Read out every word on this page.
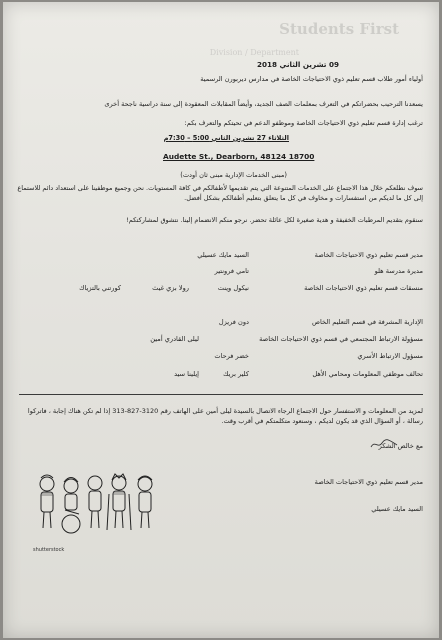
Students First
Division / Department
09 تشرين الثاني 2018
أولياء أمور طلاب قسم تعليم ذوي الاحتياجات الخاصة في مدارس ديربورن الرسمية
يسعدنا الترحيب بحضراتكم في التعرف بمعلمات الصف الجديد، وأيضاً المقابلات المعقودة إلى سنة دراسية ناجحة أخرى
ترغب إدارة قسم تعليم ذوي الاحتياجات الخاصة وموظفو الدعم في تحيتكم والتعرف بكم:
الثلاثاء 27 تشرين الثاني 5:00 – 7:30م
Audette St., Dearborn, 48124 18700
(مبنى الخدمات الإدارية مبنى ثان أودت)
سوف نطلعكم خلال هذا الاجتماع على الخدمات المتنوعة التي يتم تقديمها لأطفالكم في كافة المستويات. نحن وجميع موظفينا على استعداد دائم للاستماع إلى كل ما لديكم من استفسارات و مخاوف في كل ما يتعلق بتعليم أطفالكم بشكل أفضل.
سنقوم بتقديم المرطبات الخفيفة و هدية صغيرة لكل عائلة تحضر. نرجو منكم الانضمام إلينا. نتشوق لمشاركتكم!
مدير قسم تعليم ذوي الاحتياجات الخاصة
السيد مايك عسيلي
مديرة مدرسة هلو
تامي فرونتير
منسقات قسم تعليم ذوي الاحتياجات الخاصة
نيكول وينت
رولا بزي غيث
كورتني بالتزياك
الإدارية المشرفة في قسم التعليم الخاص
دون فريزل
مسؤولة الارتباط المجتمعي في قسم ذوي الاحتياجات الخاصة
ليلى القادري أمين
مسؤول الارتباط الأسري
خضر فرحات
تحالف موظفي المعلومات ومحامي الأهل
كلير بريك
إيلينا سيد
لمزيد من المعلومات و الاستفسار حول الاجتماع الرجاء الاتصال بالسيدة ليلى أمين على الهاتف رقم 3120-827-313 إذا لم تكن هناك إجابة ، فاتركوا رسالة ، أو السؤال الذي قد يكون لديكم ، وسنعود متكلمتكم في أقرب وقت.
مع خالص الشكر
مدير قسم تعليم ذوي الاحتياجات الخاصة
السيد مايك عسيلي
shutterstock
